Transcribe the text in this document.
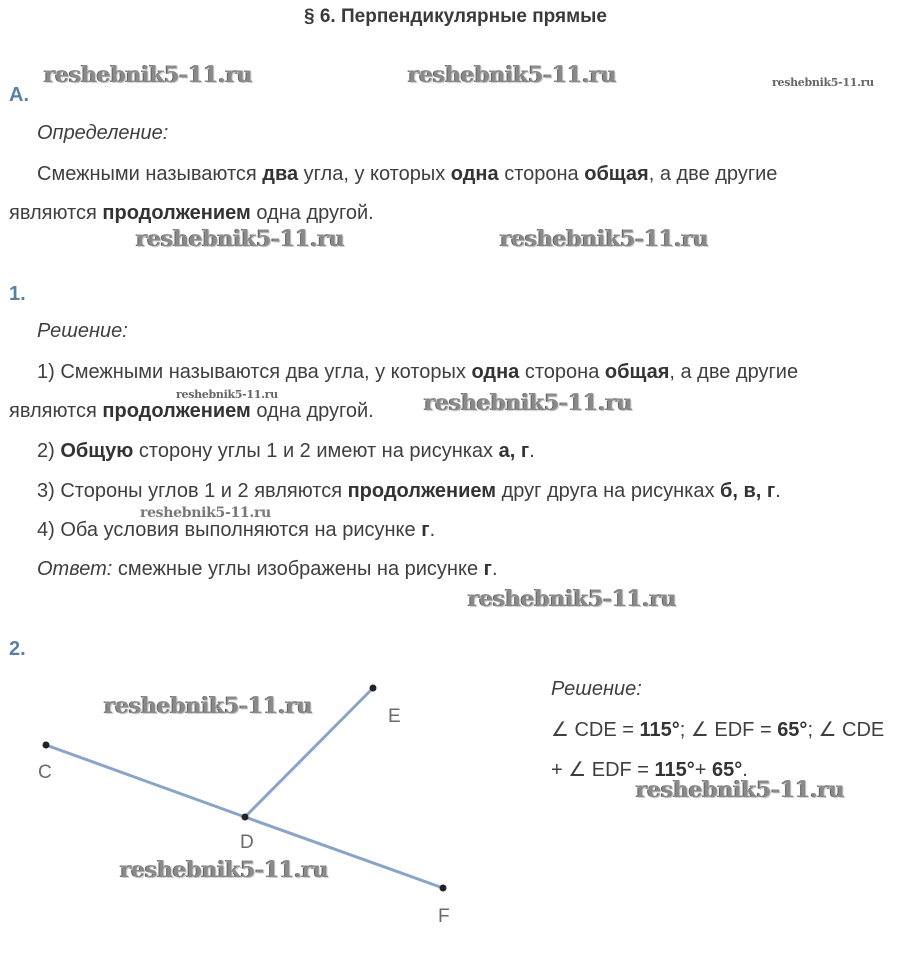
§ 6. Перпендикулярные прямые
reshebnik5-11.ru	reshebnik5-11.ru	reshebnik5-11.ru
А.
Определение:
Смежными называются два угла, у которых одна сторона общая, а две другие
являются продолжением одна другой.
reshebnik5-11.ru	reshebnik5-11.ru
1.
Решение:
1) Смежными называются два угла, у которых одна сторона общая, а две другие
являются продолжением одна другой.
reshebnik5-11.ru	reshebnik5-11.ru
2) Общую сторону углы 1 и 2 имеют на рисунках а, г.
3) Стороны углов 1 и 2 являются продолжением друг друга на рисунках б, в, г.
reshebnik5-11.ru
4) Оба условия выполняются на рисунке г.
Ответ: смежные углы изображены на рисунке г.
reshebnik5-11.ru
2.
C
D
E
F
reshebnik5-11.ru
reshebnik5-11.ru
Решение:
∠ CDE = 115°; ∠ EDF = 65°; ∠ CDE
+ ∠ EDF = 115°+ 65°.
reshebnik5-11.ru
